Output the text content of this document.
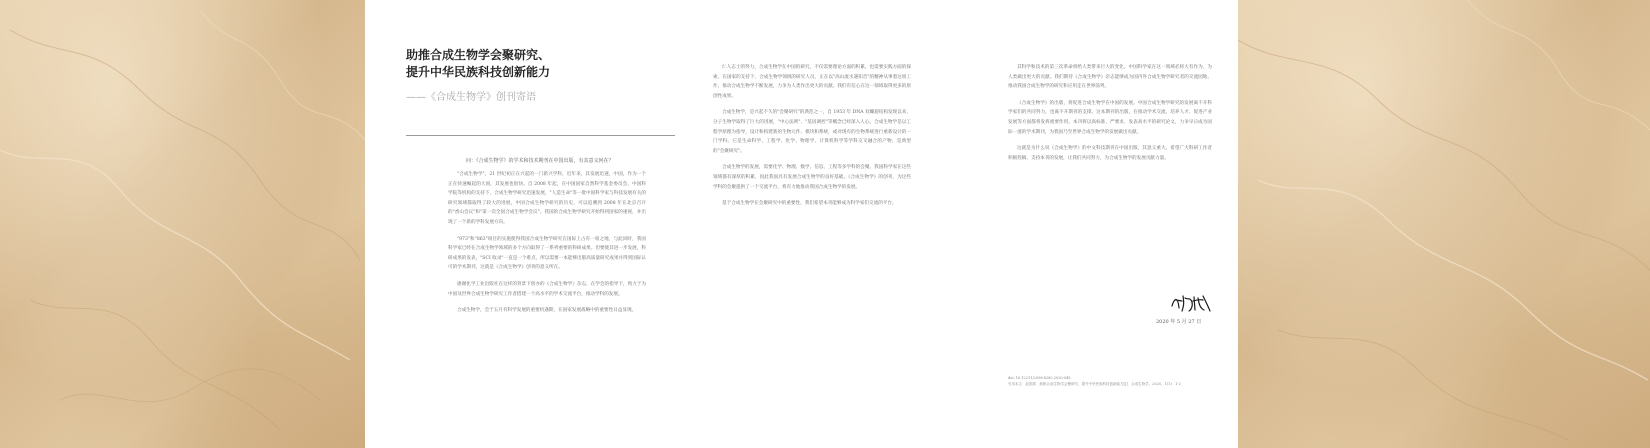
助推合成生物学会聚研究、
提升中华民族科技创新能力
——《合成生物学》创刊寄语
问：《合成生物学》的学术和技术期刊在中国出版，有其意义何在？

"合成生物学"，21 世纪初正在兴起的一门新兴学科，近年来，其发展迅速，中国，作为一个正在快速崛起的大国，其发展也很快。自 2008 年起，在中国国家自然科学基金委员会、中国科学院等机构的支持下，合成生物学研究迅速发展，"人造生命"等一批中国科学家与科技发展有关的研究领域都取得了较大的进展。中国合成生物学研究的历史，可以追溯到 2008 年在北京召开的"香山会议"和"第一次全国合成生物学会议"。我国的合成生物学研究开始得到国家的重视，并出现了一个新的学科发展方向。

"973"和"863"项目的实施使得我国合成生物学研究在国际上占有一席之地，与此同时，我国科学家已经在合成生物学领域的多个方向取得了一系列重要的科研成果。但要使其进一步发展，科研成果的发表，"SCI 收录"一直是一个难点，所以需要一本能够出版高质量研究成果并得到国际认可的学术期刊，这就是《合成生物学》创刊的意义所在。

感谢化学工业出版社在这样的背景下创办的《合成生物学》杂志，在学会的指导下，致力于为中国及世界合成生物学研究工作者搭建一个高水平的学术交流平台，推动学科的发展。

合成生物学，会于五月有科学发展的重要机遇期，在国家发展战略中的重要性日益显现。

仁人志士的努力，合成生物学在中国的研究，不仅需要理论方面的积累，也需要实践方面的探索。在国家的支持下，合成生物学领域的研究人员，正在以"高山流水遇知音"的精神从事着这项工作，推动合成生物学不断发展，力争为人类作出更大的贡献。我们有信心在这一领域取得更多的原创性成果。

合成生物学，是兴起不久的"会聚研究"的典范之一，自 1953 年 DNA 双螺旋结构发现以来，分子生物学取得了巨大的进展，"中心法则"、"基因调控"等概念已经深入人心。合成生物学是以工程学原理为指导，设计和构建新的生物元件、模块和系统，或对现有的生物系统进行重新设计的一门学科。它是生命科学、工程学、化学、物理学、计算机科学等学科交叉融合的产物，是典型的"会聚研究"。

合成生物学的发展，需要化学、物理、数学、信息、工程等多学科的会聚。我国科学家在这些领域都有深厚的积累，因此我国具有发展合成生物学的良好基础。《合成生物学》的创刊，为这些学科的会聚提供了一个交流平台，将有力地推动我国合成生物学的发展。

基于合成生物学在会聚研究中的重要性，我们希望本刊能够成为科学家们交流的平台。

其科学和技术的第三次革命将给人类带来巨大的变化。中国科学家在这一领域必将大有作为，为人类做出更大的贡献。我们期待《合成生物学》杂志能够成为国内外合成生物学研究者的交流园地，推动我国合成生物学的研究和应用走在世界前列。

《合成生物学》的出版，将促进合成生物学在中国的发展。中国合成生物学研究的发展离不开科学家们的共同努力，也离不开期刊的支撑。这本期刊的出版，在推动学术交流、培养人才、促进产业发展等方面都将发挥重要作用。本刊将以高标准、严要求，发表高水平的研究论文，力争早日成为国际一流的学术期刊，为我国乃至世界合成生物学的发展做出贡献。

这就是为什么说《合成生物学》的中文科技期刊在中国出版，其意义重大。希望广大科研工作者积极投稿，支持本刊的发展，让我们共同努力，为合成生物学的发展贡献力量。

2020 年 5 月 27 日
doi: 10.12211/2096-8280.2020-049
引用本文：赵国屏．助推合成生物学会聚研究、提升中华民族科技创新能力[J]．合成生物学，2020，1(1)：1-2
